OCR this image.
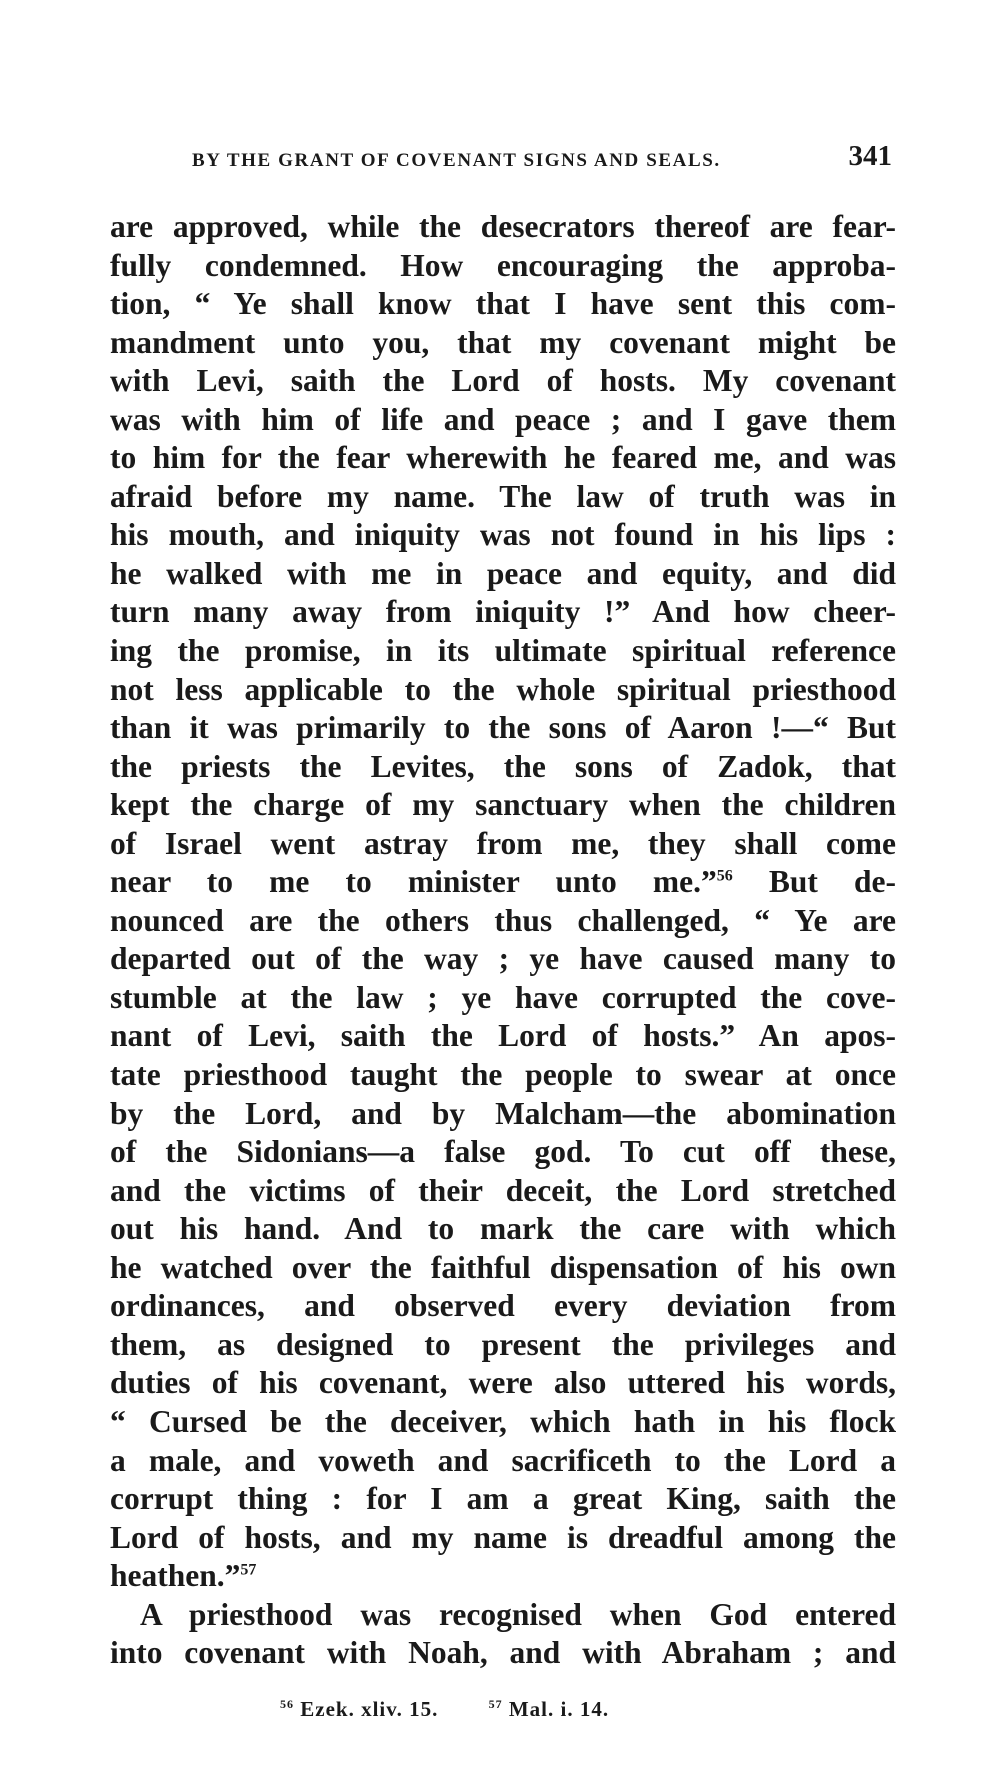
BY THE GRANT OF COVENANT SIGNS AND SEALS.	341
are approved, while the desecrators thereof are fear-
fully condemned. How encouraging the approba-
tion, “ Ye shall know that I have sent this com-
mandment unto you, that my covenant might be
with Levi, saith the Lord of hosts. My covenant
was with him of life and peace ; and I gave them
to him for the fear wherewith he feared me, and was
afraid before my name. The law of truth was in
his mouth, and iniquity was not found in his lips :
he walked with me in peace and equity, and did
turn many away from iniquity !” And how cheer-
ing the promise, in its ultimate spiritual reference
not less applicable to the whole spiritual priesthood
than it was primarily to the sons of Aaron !—“ But
the priests the Levites, the sons of Zadok, that
kept the charge of my sanctuary when the children
of Israel went astray from me, they shall come
near to me to minister unto me.”$^{56}$ But de-
nounced are the others thus challenged, “ Ye are
departed out of the way ; ye have caused many to
stumble at the law ; ye have corrupted the cove-
nant of Levi, saith the Lord of hosts.” An apos-
tate priesthood taught the people to swear at once
by the Lord, and by Malcham—the abomination
of the Sidonians—a false god. To cut off these,
and the victims of their deceit, the Lord stretched
out his hand. And to mark the care with which
he watched over the faithful dispensation of his own
ordinances, and observed every deviation from
them, as designed to present the privileges and
duties of his covenant, were also uttered his words,
“ Cursed be the deceiver, which hath in his flock
a male, and voweth and sacrificeth to the Lord a
corrupt thing : for I am a great King, saith the
Lord of hosts, and my name is dreadful among the
heathen.”$^{57}$
A priesthood was recognised when God entered
into covenant with Noah, and with Abraham ; and
$^{56}$ Ezek. xliv. 15.	$^{57}$ Mal. i. 14.
